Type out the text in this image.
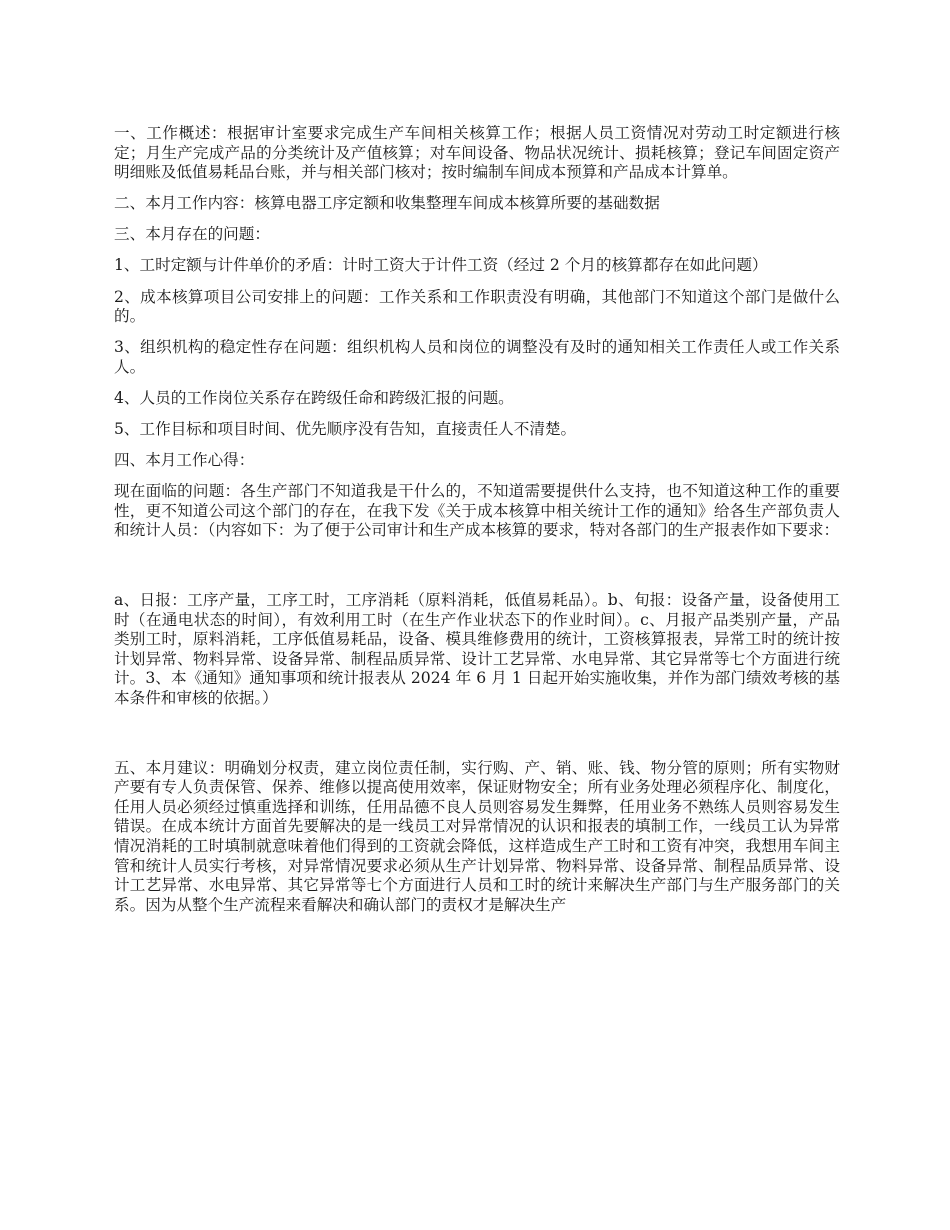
一、工作概述：根据审计室要求完成生产车间相关核算工作；根据人员工资情况对劳动工时定额进行核定；月生产完成产品的分类统计及产值核算；对车间设备、物品状况统计、损耗核算；登记车间固定资产明细账及低值易耗品台账，并与相关部门核对；按时编制车间成本预算和产品成本计算单。

二、本月工作内容：核算电器工序定额和收集整理车间成本核算所要的基础数据

三、本月存在的问题：

1、工时定额与计件单价的矛盾：计时工资大于计件工资（经过 2 个月的核算都存在如此问题）

2、成本核算项目公司安排上的问题：工作关系和工作职责没有明确，其他部门不知道这个部门是做什么的。

3、组织机构的稳定性存在问题：组织机构人员和岗位的调整没有及时的通知相关工作责任人或工作关系人。

4、人员的工作岗位关系存在跨级任命和跨级汇报的问题。

5、工作目标和项目时间、优先顺序没有告知，直接责任人不清楚。

四、本月工作心得：

现在面临的问题：各生产部门不知道我是干什么的，不知道需要提供什么支持，也不知道这种工作的重要性，更不知道公司这个部门的存在，在我下发《关于成本核算中相关统计工作的通知》给各生产部负责人和统计人员：（内容如下：为了便于公司审计和生产成本核算的要求，特对各部门的生产报表作如下要求：

a、日报：工序产量，工序工时，工序消耗（原料消耗，低值易耗品）。b、旬报：设备产量，设备使用工时（在通电状态的时间），有效利用工时（在生产作业状态下的作业时间）。c、月报产品类别产量，产品类别工时，原料消耗，工序低值易耗品，设备、模具维修费用的统计，工资核算报表，异常工时的统计按计划异常、物料异常、设备异常、制程品质异常、设计工艺异常、水电异常、其它异常等七个方面进行统计。3、本《通知》通知事项和统计报表从 2024 年 6 月 1 日起开始实施收集，并作为部门绩效考核的基本条件和审核的依据。）

五、本月建议：明确划分权责，建立岗位责任制，实行购、产、销、账、钱、物分管的原则；所有实物财产要有专人负责保管、保养、维修以提高使用效率，保证财物安全；所有业务处理必须程序化、制度化，任用人员必须经过慎重选择和训练，任用品德不良人员则容易发生舞弊，任用业务不熟练人员则容易发生错误。在成本统计方面首先要解决的是一线员工对异常情况的认识和报表的填制工作，一线员工认为异常情况消耗的工时填制就意味着他们得到的工资就会降低，这样造成生产工时和工资有冲突，我想用车间主管和统计人员实行考核，对异常情况要求必须从生产计划异常、物料异常、设备异常、制程品质异常、设计工艺异常、水电异常、其它异常等七个方面进行人员和工时的统计来解决生产部门与生产服务部门的关系。因为从整个生产流程来看解决和确认部门的责权才是解决生产
